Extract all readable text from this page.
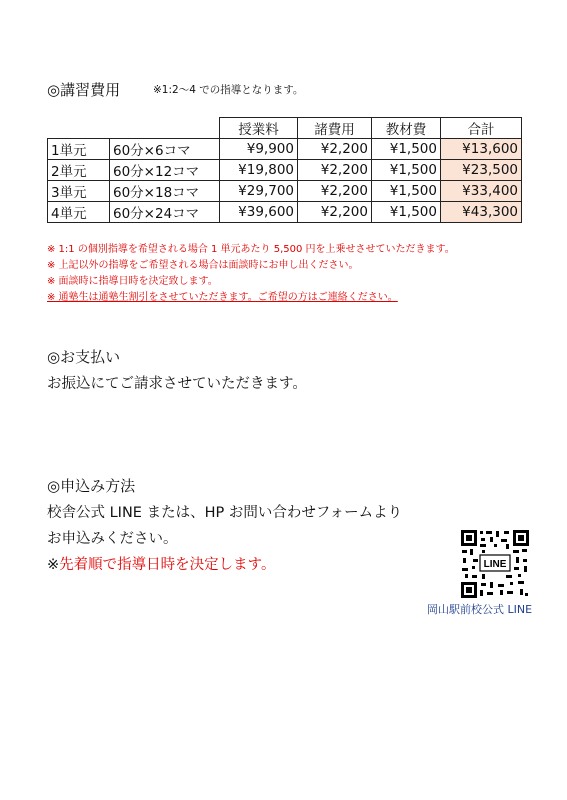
◎講習費用	※1:2〜4 での指導となります。
		授業料	諸費用	教材費	合計
1単元	60分×6コマ	¥9,900	¥2,200	¥1,500	¥13,600
2単元	60分×12コマ	¥19,800	¥2,200	¥1,500	¥23,500
3単元	60分×18コマ	¥29,700	¥2,200	¥1,500	¥33,400
4単元	60分×24コマ	¥39,600	¥2,200	¥1,500	¥43,300
※ 1:1 の個別指導を希望される場合 1 単元あたり 5,500 円を上乗せさせていただきます。
※ 上記以外の指導をご希望される場合は面談時にお申し出ください。
※ 面談時に指導日時を決定致します。
※ 通塾生は通塾生割引をさせていただきます。ご希望の方はご連絡ください。
◎お支払い
お振込にてご請求させていただきます。
◎申込み方法
校舎公式 LINE または、HP お問い合わせフォームより
お申込みください。
※先着順で指導日時を決定します。	LINE
岡山駅前校公式 LINE
